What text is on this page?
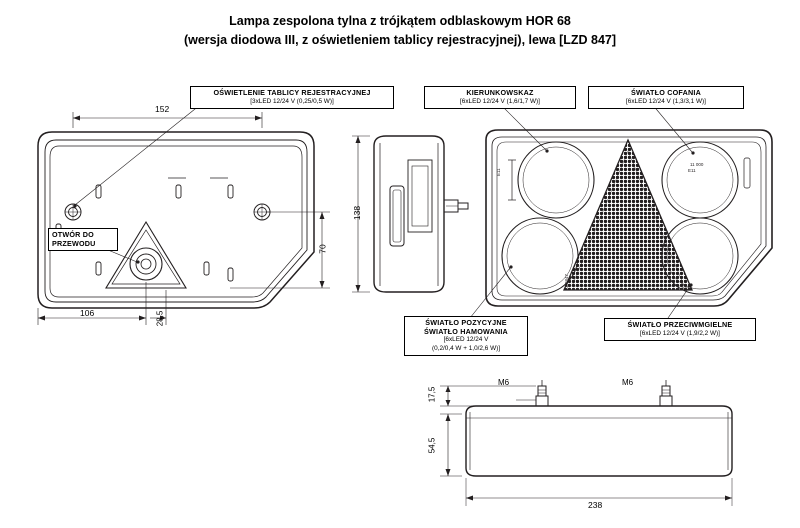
Lampa zespolona tylna z trójkątem odblaskowym HOR 68
(wersja diodowa III, z oświetleniem tablicy rejestracyjnej), lewa [LZD 847]
E11
11 000
E11
LZD847	847
OŚWIETLENIE TABLICY REJESTRACYJNEJ
[3xLED 12/24 V (0,25/0,5 W)]
KIERUNKOWSKAZ
[6xLED 12/24 V (1,6/1,7 W)]
ŚWIATŁO COFANIA
[6xLED 12/24 V (1,3/3,1 W)]
OTWÓR DO
PRZEWODU
ŚWIATŁO POZYCYJNE
ŚWIATŁO HAMOWANIA
[6xLED 12/24 V
(0,2/0,4 W + 1,0/2,6 W)]
ŚWIATŁO PRZECIWMGIELNE
[6xLED 12/24 V (1,9/2,2 W)]
152
106
70
138
28,5
17,5
54,5
238
M6	M6
